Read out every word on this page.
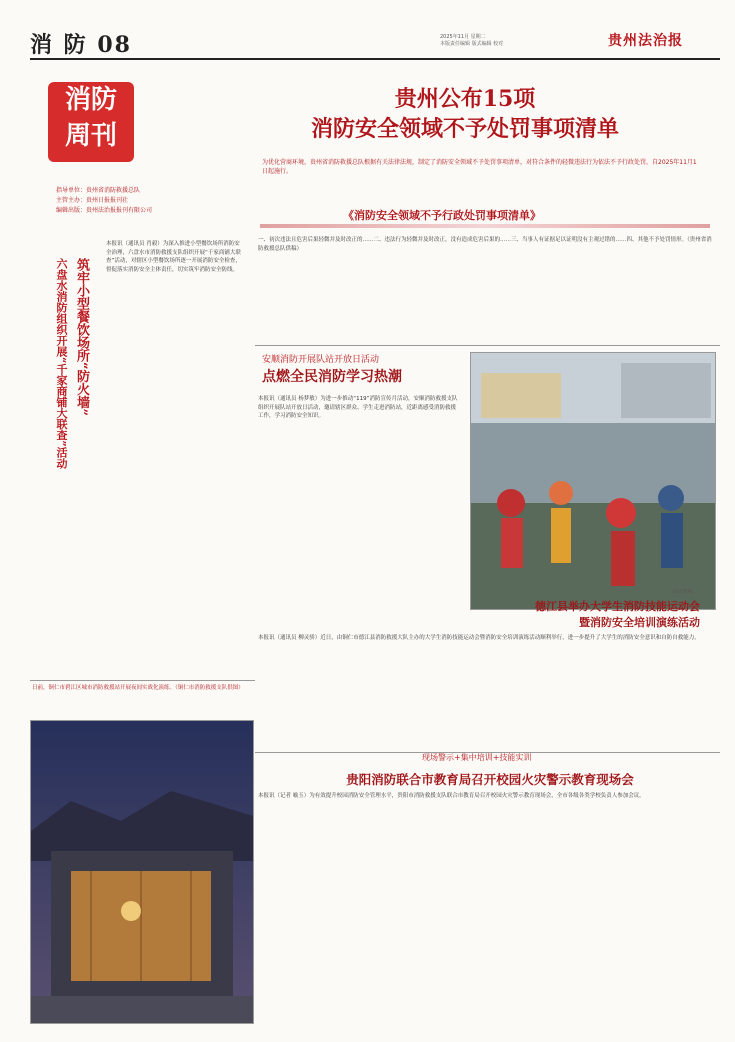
消 防 08	2025年11月 星期二
本版责任编辑 版式编辑 校对	贵州法治报
消防
周刊
贵州公布15项
消防安全领域不予处罚事项清单
为优化营商环境，贵州省消防救援总队根据有关法律法规，制定了消防安全领域不予处罚事项清单，对符合条件的轻微违法行为依法不予行政处罚，自2025年11月1日起施行。
指导单位：贵州省消防救援总队
主管主办：贵州日报报刊社
编辑出版：贵州法治报报刊有限公司	《消防安全领域不予行政处罚事项清单》
六盘水消防组织开展“千家商铺大联查”活动 筑牢小型餐饮场所“防火墙”
本报讯（通讯员 肖毅）为深入推进小型餐饮场所消防安全治理，六盘水市消防救援支队组织开展“千家商铺大联查”活动，对辖区小型餐饮场所逐一开展消防安全检查，督促落实消防安全主体责任，切实筑牢消防安全防线。
一、初次违法且危害后果轻微并及时改正的……二、违法行为轻微并及时改正，没有造成危害后果的……三、当事人有证据足以证明没有主观过错的……四、其他不予处罚情形。（贵州省消防救援总队供稿）
安顺消防开展队站开放日活动
点燃全民消防学习热潮
本报讯（通讯员 杨梦敏）为进一步推动“119”消防宣传月活动，安顺消防救援支队组织开展队站开放日活动，邀请辖区群众、学生走进消防站，近距离感受消防救援工作，学习消防安全知识。
活动现场。
日前，铜仁市碧江区城市消防救援站开展夜间实战化演练。（铜仁市消防救援支队供图）
德江县举办大学生消防技能运动会
暨消防安全培训演练活动
本报讯（通讯员 柳灵骄）近日，由铜仁市德江县消防救援大队主办的大学生消防技能运动会暨消防安全培训演练活动顺利举行，进一步提升了大学生的消防安全意识和自防自救能力。
现场警示+集中培训+技能实训
贵阳消防联合市教育局召开校园火灾警示教育现场会
本报讯（记者 喻玉）为有效提升校园消防安全管理水平，贵阳市消防救援支队联合市教育局召开校园火灾警示教育现场会，全市各级各类学校负责人参加会议。
